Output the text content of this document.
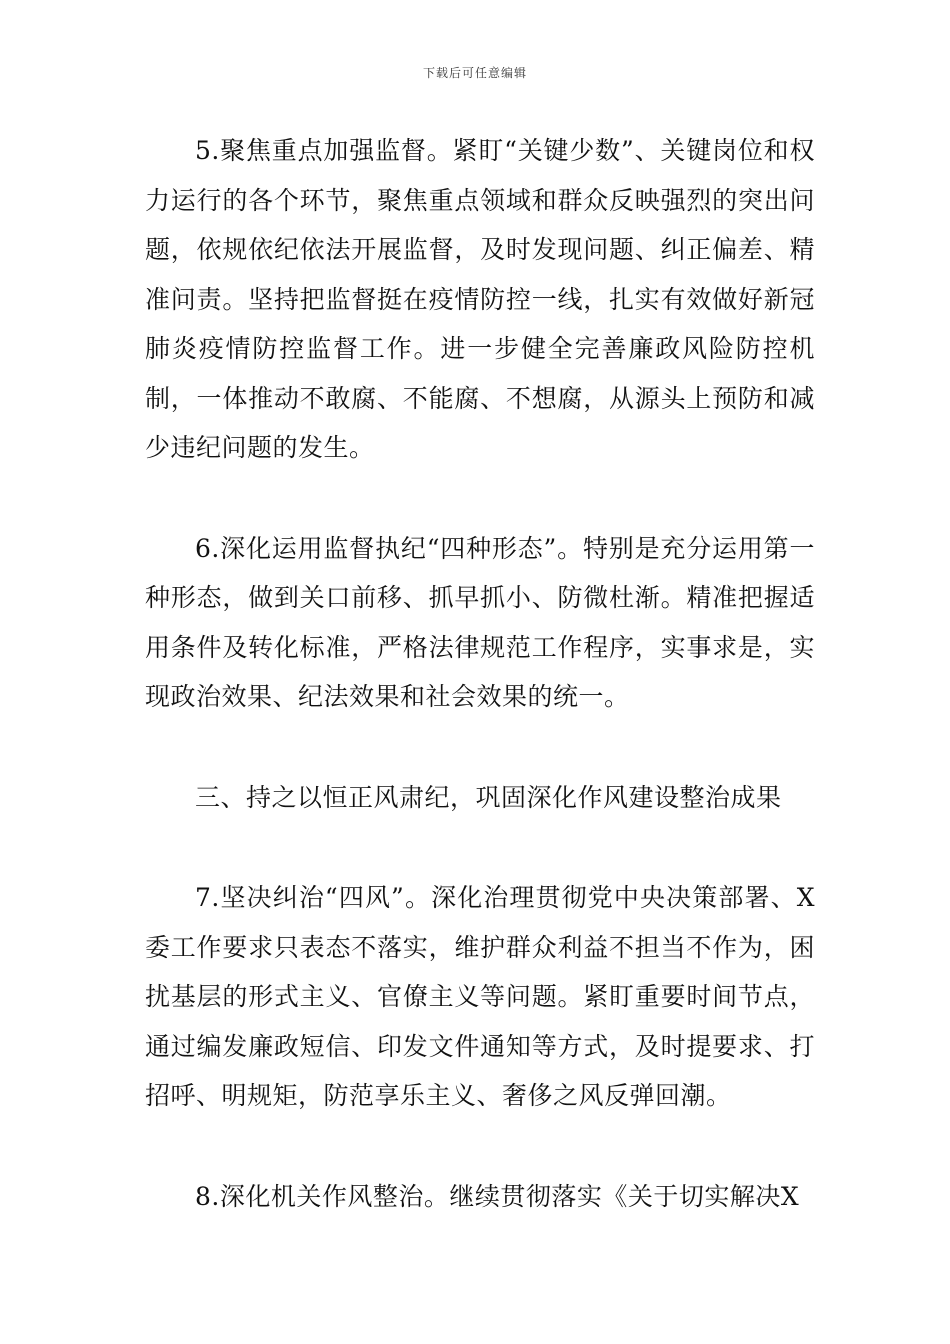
下载后可任意编辑

5.聚焦重点加强监督。紧盯“关键少数”、关键岗位和权力运行的各个环节，聚焦重点领域和群众反映强烈的突出问题，依规依纪依法开展监督，及时发现问题、纠正偏差、精准问责。坚持把监督挺在疫情防控一线，扎实有效做好新冠肺炎疫情防控监督工作。进一步健全完善廉政风险防控机制，一体推动不敢腐、不能腐、不想腐，从源头上预防和减少违纪问题的发生。

6.深化运用监督执纪“四种形态”。特别是充分运用第一种形态，做到关口前移、抓早抓小、防微杜渐。精准把握适用条件及转化标准，严格法律规范工作程序，实事求是，实现政治效果、纪法效果和社会效果的统一。

三、持之以恒正风肃纪，巩固深化作风建设整治成果

7.坚决纠治“四风”。深化治理贯彻党中央决策部署、X委工作要求只表态不落实，维护群众利益不担当不作为，困扰基层的形式主义、官僚主义等问题。紧盯重要时间节点，通过编发廉政短信、印发文件通知等方式，及时提要求、打招呼、明规矩，防范享乐主义、奢侈之风反弹回潮。

8.深化机关作风整治。继续贯彻落实《关于切实解决X
